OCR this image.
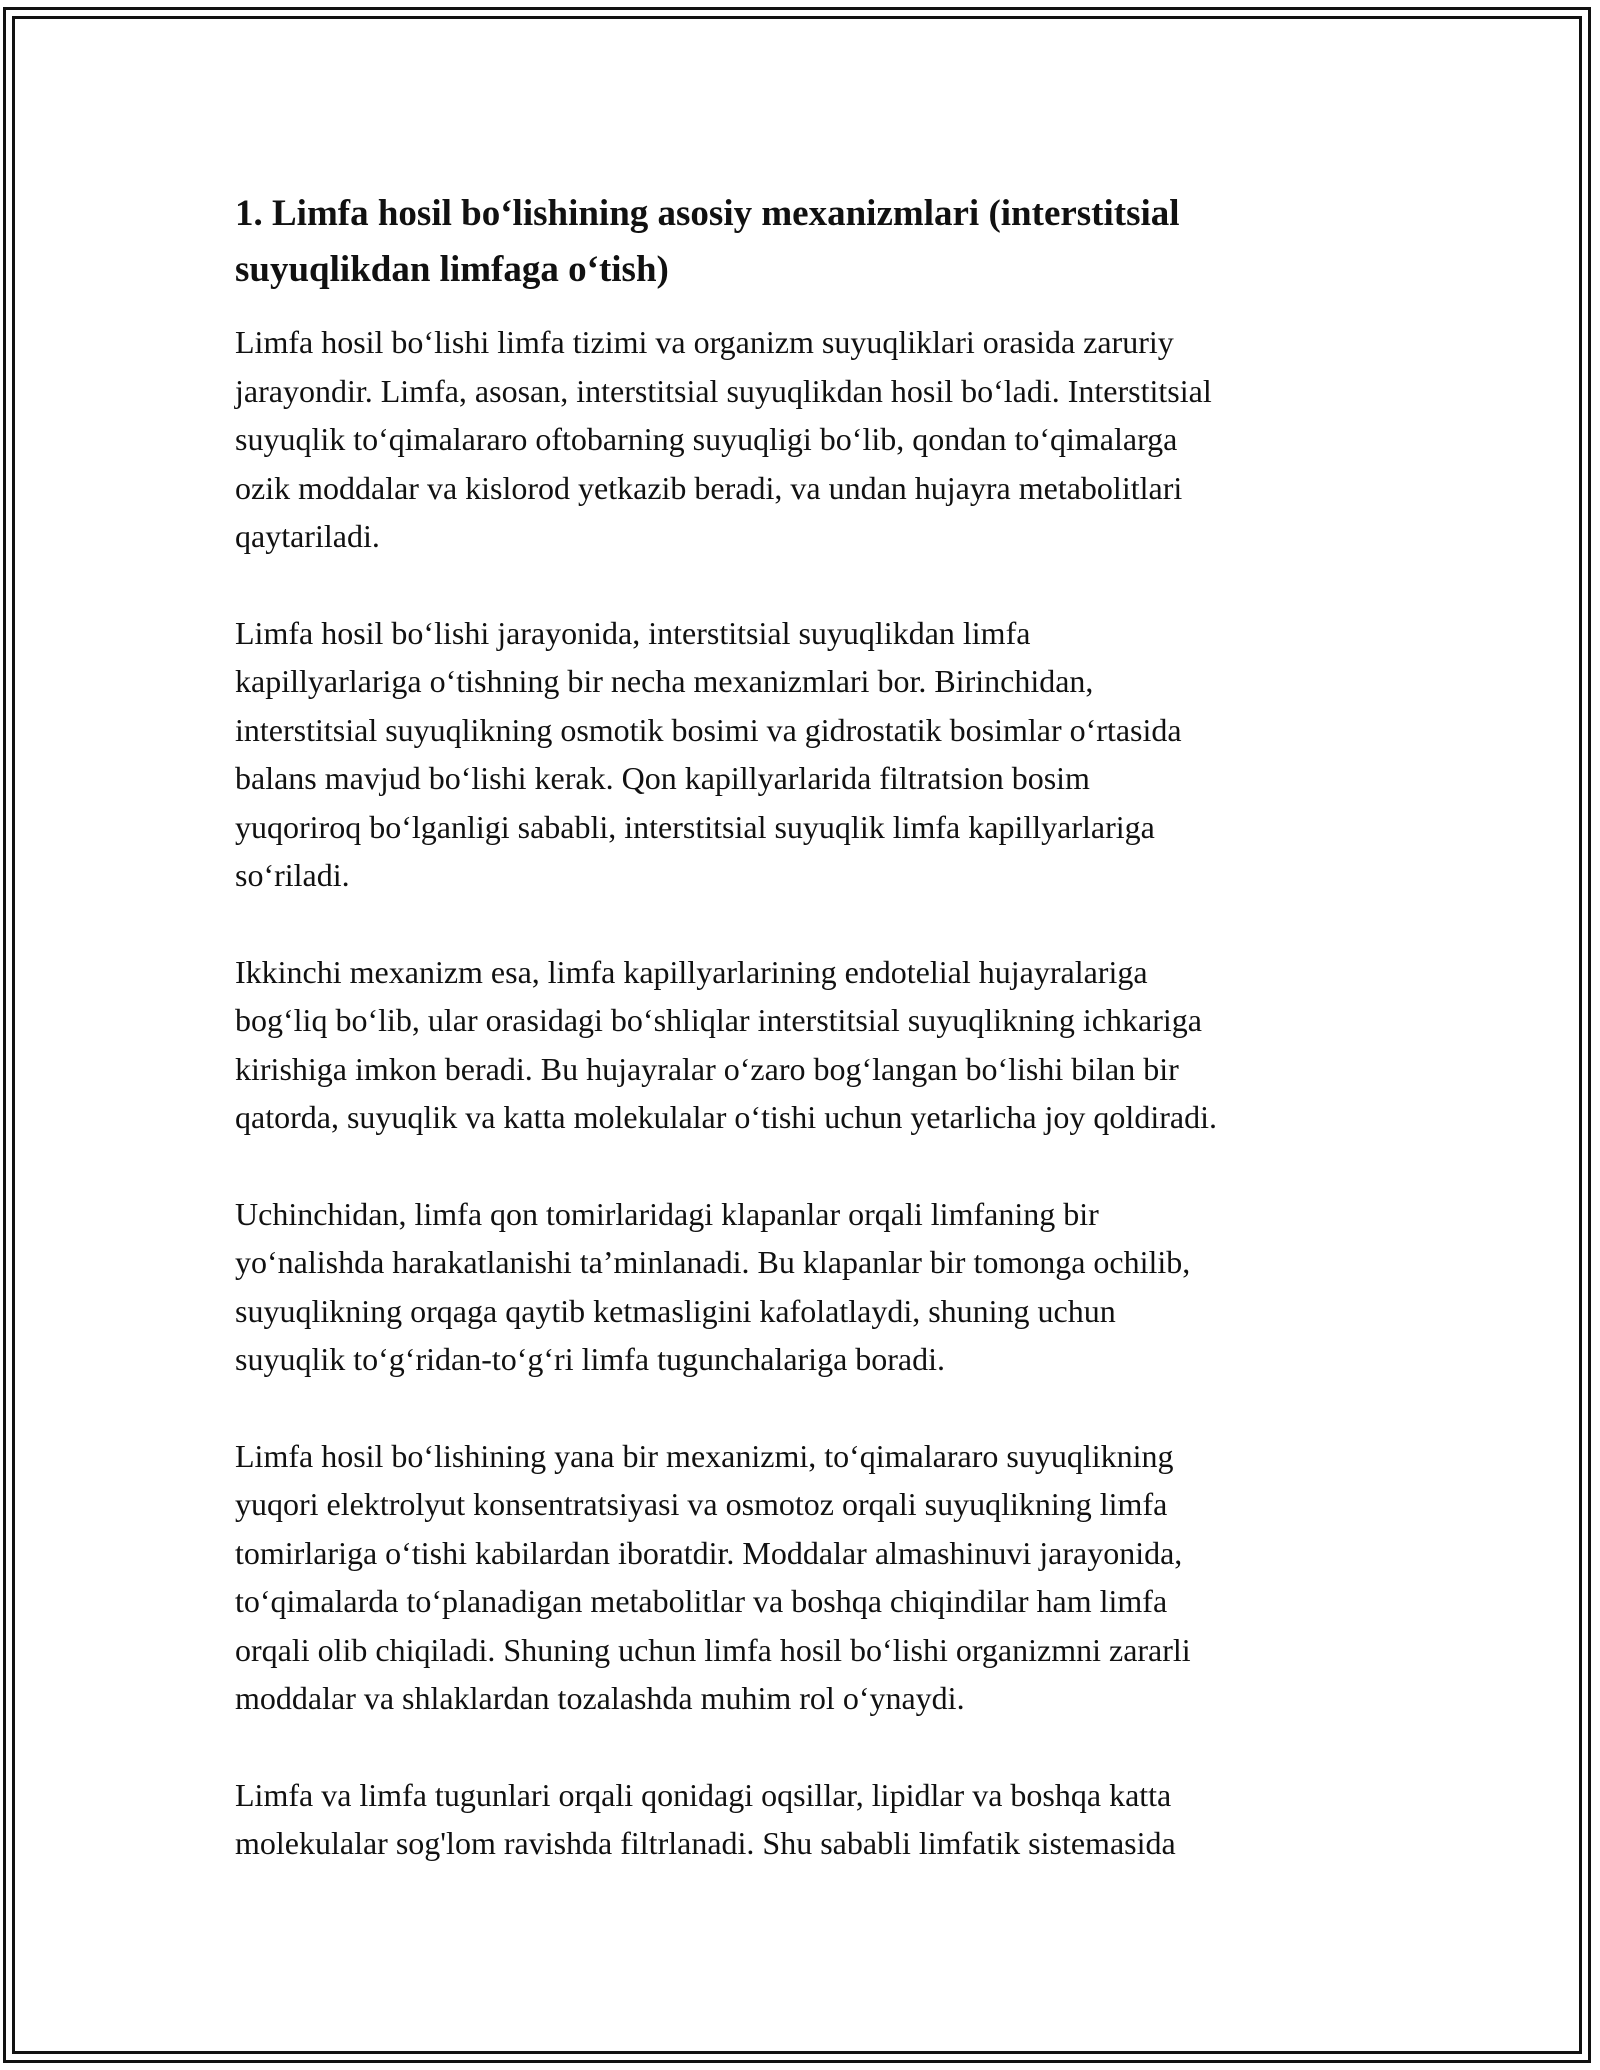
1. Limfa hosil bo‘lishining asosiy mexanizmlari (interstitsial suyuqlikdan limfaga o‘tish)

Limfa hosil bo‘lishi limfa tizimi va organizm suyuqliklari orasida zaruriy
jarayondir. Limfa, asosan, interstitsial suyuqlikdan hosil bo‘ladi. Interstitsial
suyuqlik to‘qimalararo oftobarning suyuqligi bo‘lib, qondan to‘qimalarga
ozik moddalar va kislorod yetkazib beradi, va undan hujayra metabolitlari
qaytariladi.

Limfa hosil bo‘lishi jarayonida, interstitsial suyuqlikdan limfa
kapillyarlariga o‘tishning bir necha mexanizmlari bor. Birinchidan,
interstitsial suyuqlikning osmotik bosimi va gidrostatik bosimlar o‘rtasida
balans mavjud bo‘lishi kerak. Qon kapillyarlarida filtratsion bosim
yuqoriroq bo‘lganligi sababli, interstitsial suyuqlik limfa kapillyarlariga
so‘riladi.

Ikkinchi mexanizm esa, limfa kapillyarlarining endotelial hujayralariga
bog‘liq bo‘lib, ular orasidagi bo‘shliqlar interstitsial suyuqlikning ichkariga
kirishiga imkon beradi. Bu hujayralar o‘zaro bog‘langan bo‘lishi bilan bir
qatorda, suyuqlik va katta molekulalar o‘tishi uchun yetarlicha joy qoldiradi.

Uchinchidan, limfa qon tomirlaridagi klapanlar orqali limfaning bir
yo‘nalishda harakatlanishi ta’minlanadi. Bu klapanlar bir tomonga ochilib,
suyuqlikning orqaga qaytib ketmasligini kafolatlaydi, shuning uchun
suyuqlik to‘g‘ridan-to‘g‘ri limfa tugunchalariga boradi.

Limfa hosil bo‘lishining yana bir mexanizmi, to‘qimalararo suyuqlikning
yuqori elektrolyut konsentratsiyasi va osmotoz orqali suyuqlikning limfa
tomirlariga o‘tishi kabilardan iboratdir. Moddalar almashinuvi jarayonida,
to‘qimalarda to‘planadigan metabolitlar va boshqa chiqindilar ham limfa
orqali olib chiqiladi. Shuning uchun limfa hosil bo‘lishi organizmni zararli
moddalar va shlaklardan tozalashda muhim rol o‘ynaydi.

Limfa va limfa tugunlari orqali qonidagi oqsillar, lipidlar va boshqa katta
molekulalar sog'lom ravishda filtrlanadi. Shu sababli limfatik sistemasida
